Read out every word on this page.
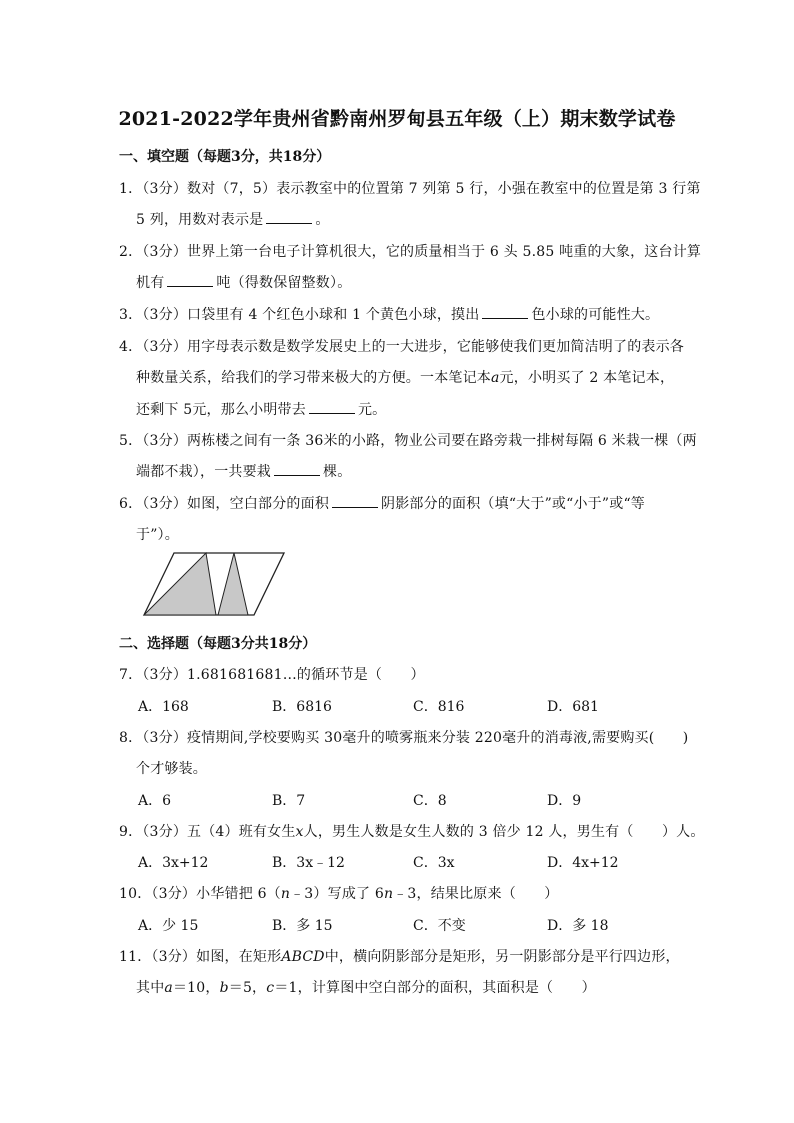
2021-2022学年贵州省黔南州罗甸县五年级（上）期末数学试卷
一、填空题（每题3分，共18分）
1．（3分）数对（7，5）表示教室中的位置第 7 列第 5 行，小强在教室中的位置是第 3 行第
5 列，用数对表示是	。
2．（3分）世界上第一台电子计算机很大，它的质量相当于 6 头 5.85 吨重的大象，这台计算
机有	吨（得数保留整数）。
3．（3分）口袋里有 4 个红色小球和 1 个黄色小球，摸出	色小球的可能性大。
4．（3分）用字母表示数是数学发展史上的一大进步，它能够使我们更加简洁明了的表示各
种数量关系，给我们的学习带来极大的方便。一本笔记本a元，小明买了 2 本笔记本，
还剩下 5元，那么小明带去	元。
5．（3分）两栋楼之间有一条 36米的小路，物业公司要在路旁栽一排树每隔 6 米栽一棵（两
端都不栽），一共要栽	棵。
6．（3分）如图，空白部分的面积	阴影部分的面积（填“大于”或“小于”或“等
于”）。
二、选择题（每题3分共18分）
7．（3分）1.681681681…的循环节是（　　）
A．168	B．6816	C．816	D．681
8．（3分）疫情期间,学校要购买 30毫升的喷雾瓶来分装 220毫升的消毒液,需要购买(　　)
个才够装。
A．6	B．7	C．8	D．9
9．（3分）五（4）班有女生x人，男生人数是女生人数的 3 倍少 12 人，男生有（　　）人。
A．3x+12	B．3x﹣12	C．3x	D．4x+12
10．（3分）小华错把 6（n﹣3）写成了 6n﹣3，结果比原来（　　）
A．少 15	B．多 15	C．不变	D．多 18
11．（3分）如图，在矩形ABCD中，横向阴影部分是矩形，另一阴影部分是平行四边形，
其中a＝10，b＝5，c＝1，计算图中空白部分的面积，其面积是（　　）
